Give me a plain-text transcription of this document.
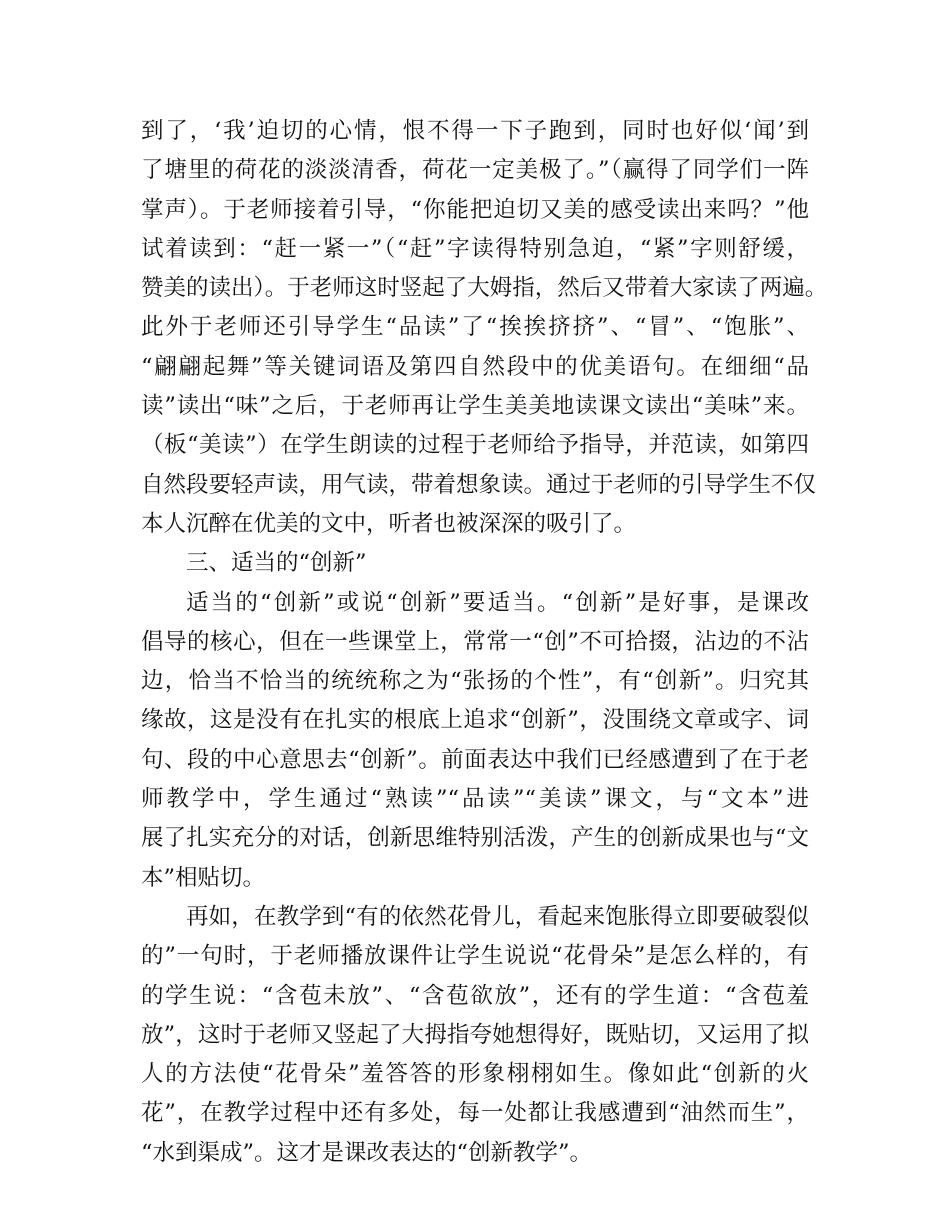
到了，‘我’迫切的心情，恨不得一下子跑到，同时也好似‘闻’到
了塘里的荷花的淡淡清香，荷花一定美极了。”（赢得了同学们一阵
掌声）。于老师接着引导，“你能把迫切又美的感受读出来吗？”他
试着读到：“赶一紧一”（“赶”字读得特别急迫，“紧”字则舒缓，
赞美的读出）。于老师这时竖起了大姆指，然后又带着大家读了两遍。
此外于老师还引导学生“品读”了“挨挨挤挤”、“冒”、“饱胀”、
“翩翩起舞”等关键词语及第四自然段中的优美语句。在细细“品
读”读出“味”之后，于老师再让学生美美地读课文读出“美味”来。
（板“美读”）在学生朗读的过程于老师给予指导，并范读，如第四
自然段要轻声读，用气读，带着想象读。通过于老师的引导学生不仅
本人沉醉在优美的文中，听者也被深深的吸引了。
三、适当的“创新”
适当的“创新”或说“创新”要适当。“创新”是好事，是课改
倡导的核心，但在一些课堂上，常常一“创”不可拾掇，沾边的不沾
边，恰当不恰当的统统称之为“张扬的个性”，有“创新”。归究其
缘故，这是没有在扎实的根底上追求“创新”，没围绕文章或字、词
句、段的中心意思去“创新”。前面表达中我们已经感遭到了在于老
师教学中，学生通过“熟读”“品读”“美读”课文，与“文本”进
展了扎实充分的对话，创新思维特别活泼，产生的创新成果也与“文
本”相贴切。
再如，在教学到“有的依然花骨儿，看起来饱胀得立即要破裂似
的”一句时，于老师播放课件让学生说说“花骨朵”是怎么样的，有
的学生说：“含苞未放”、“含苞欲放”，还有的学生道：“含苞羞
放”，这时于老师又竖起了大拇指夸她想得好，既贴切，又运用了拟
人的方法使“花骨朵”羞答答的形象栩栩如生。像如此“创新的火
花”，在教学过程中还有多处，每一处都让我感遭到“油然而生”，
“水到渠成”。这才是课改表达的“创新教学”。
